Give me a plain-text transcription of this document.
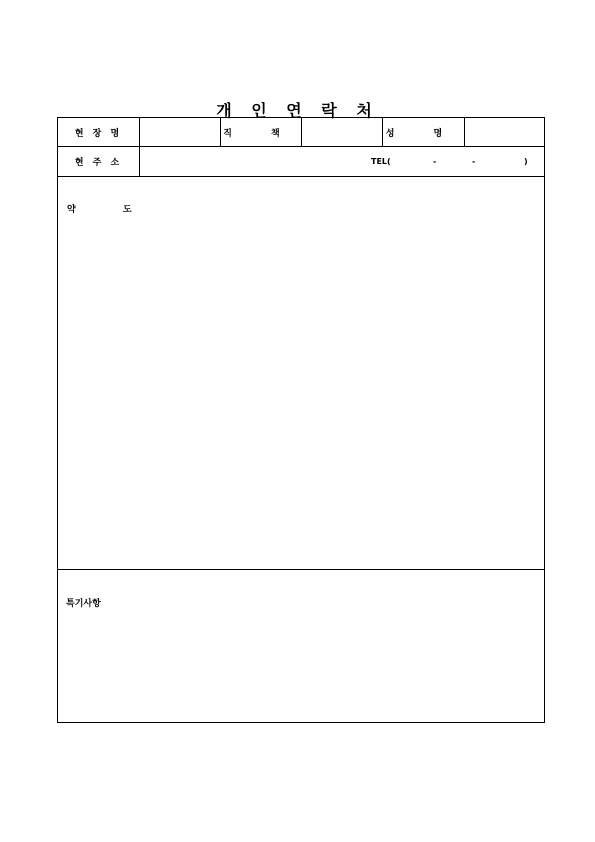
개 인 연 락 처
현 장 명	직 책	성 명
현 주 소	TEL(	-	-	)
약 도
특기사항
